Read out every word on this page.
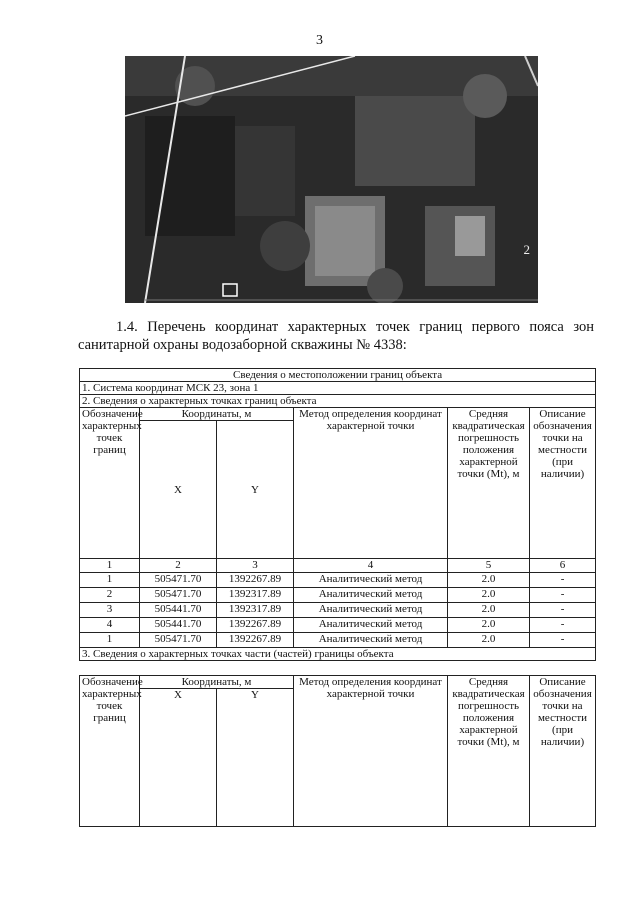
3
2
1.4. Перечень координат характерных точек границ первого пояса зон санитарной охраны водозаборной скважины № 4338:
Сведения о местоположении границ объекта					
1. Система координат МСК 23, зона 1					
2. Сведения о характерных точках границ объекта					
Обозначение характерных точек границ	Координаты, м		Метод определения координат характерной точки	Средняя квадратическая погрешность положения характерной точки (Mt), м	Описание обозначения точки на местности (при наличии)
	X	Y			
1	2	3	4	5	6
1	505471.70	1392267.89	Аналитический метод	2.0	-
2	505471.70	1392317.89	Аналитический метод	2.0	-
3	505441.70	1392317.89	Аналитический метод	2.0	-
4	505441.70	1392267.89	Аналитический метод	2.0	-
1	505471.70	1392267.89	Аналитический метод	2.0	-
3. Сведения о характерных точках части (частей) границы объекта					
Обозначение характерных точек границ	Координаты, м		Метод определения координат характерной точки	Средняя квадратическая погрешность положения характерной точки (Mt), м	Описание обозначения точки на местности (при наличии)
	X	Y			
